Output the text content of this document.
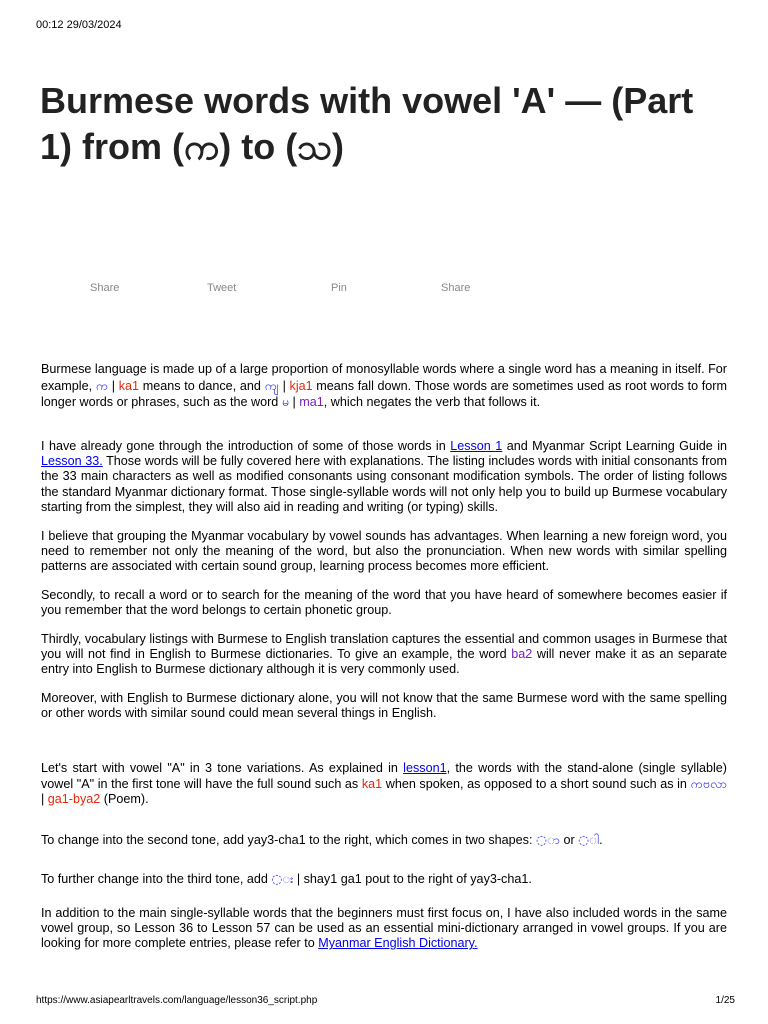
00:12 29/03/2024
Burmese words with vowel 'A' — (Part 1) from (က) to (သ)
Share	Tweet	Pin	Share

Burmese language is made up of a large proportion of monosyllable words where a single word has a meaning in itself. For example, က | ka1 means to dance, and ကျ | kja1 means fall down. Those words are sometimes used as root words to form longer words or phrases, such as the word မ | ma1, which negates the verb that follows it.

I have already gone through the introduction of some of those words in Lesson 1 and Myanmar Script Learning Guide in Lesson 33. Those words will be fully covered here with explanations. The listing includes words with initial consonants from the 33 main characters as well as modified consonants using consonant modification symbols. The order of listing follows the standard Myanmar dictionary format. Those single-syllable words will not only help you to build up Burmese vocabulary starting from the simplest, they will also aid in reading and writing (or typing) skills.

I believe that grouping the Myanmar vocabulary by vowel sounds has advantages. When learning a new foreign word, you need to remember not only the meaning of the word, but also the pronunciation. When new words with similar spelling patterns are associated with certain sound group, learning process becomes more efficient.

Secondly, to recall a word or to search for the meaning of the word that you have heard of somewhere becomes easier if you remember that the word belongs to certain phonetic group.

Thirdly, vocabulary listings with Burmese to English translation captures the essential and common usages in Burmese that you will not find in English to Burmese dictionaries. To give an example, the word ba2 will never make it as an separate entry into English to Burmese dictionary although it is very commonly used.

Moreover, with English to Burmese dictionary alone, you will not know that the same Burmese word with the same spelling or other words with similar sound could mean several things in English.

Let's start with vowel "A" in 3 tone variations. As explained in lesson1, the words with the stand-alone (single syllable) vowel "A" in the first tone will have the full sound such as ka1 when spoken, as opposed to a short sound such as in ကဗလာ | ga1-bya2 (Poem).

To change into the second tone, add yay3-cha1 to the right, which comes in two shapes: ◌ာ or ◌ါ.

To further change into the third tone, add ◌း | shay1 ga1 pout to the right of yay3-cha1.

In addition to the main single-syllable words that the beginners must first focus on, I have also included words in the same vowel group, so Lesson 36 to Lesson 57 can be used as an essential mini-dictionary arranged in vowel groups. If you are looking for more complete entries, please refer to Myanmar English Dictionary.

https://www.asiapearltravels.com/language/lesson36_script.php	1/25
